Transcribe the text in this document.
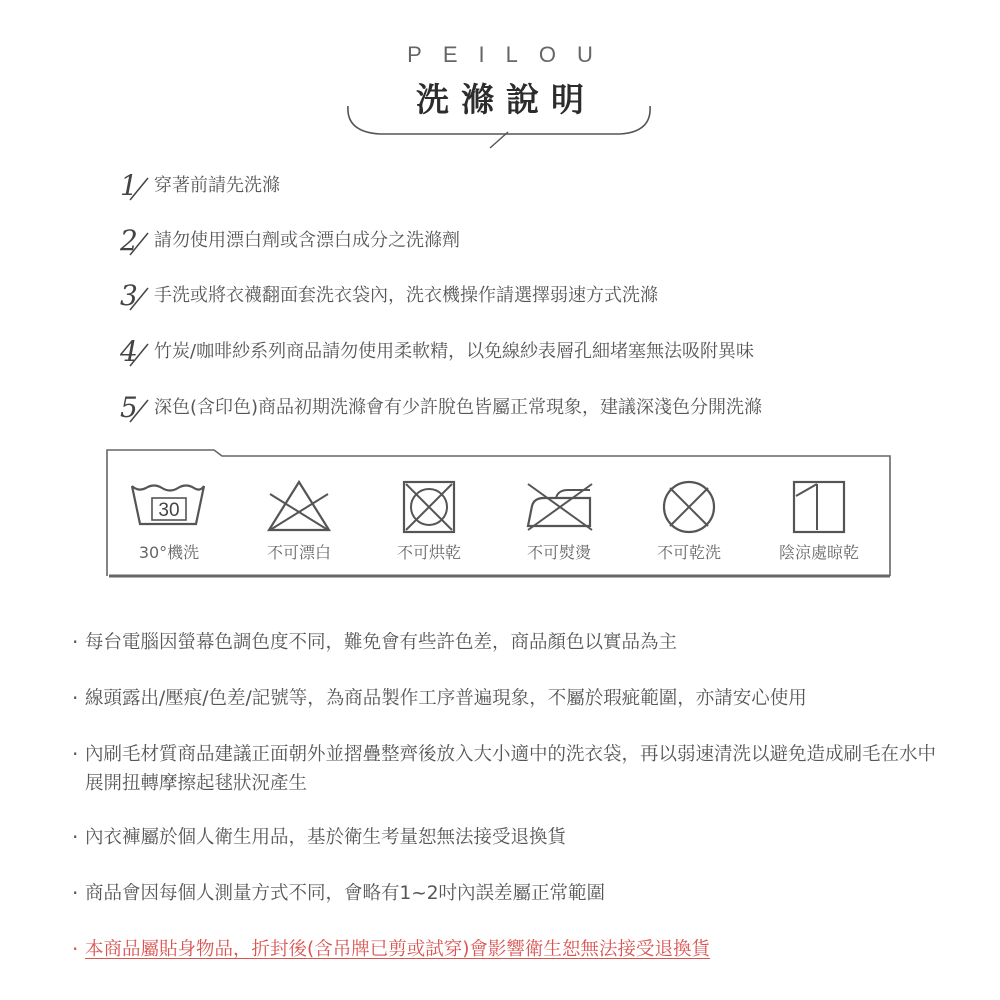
PEILOU
洗滌說明
1 穿著前請先洗滌
2 請勿使用漂白劑或含漂白成分之洗滌劑
3 手洗或將衣襪翻面套洗衣袋內，洗衣機操作請選擇弱速方式洗滌
4 竹炭/咖啡紗系列商品請勿使用柔軟精，以免線紗表層孔細堵塞無法吸附異味
5 深色(含印色)商品初期洗滌會有少許脫色皆屬正常現象，建議深淺色分開洗滌
30
30°機洗	不可漂白	不可烘乾	不可熨燙	不可乾洗	陰涼處晾乾
· 每台電腦因螢幕色調色度不同，難免會有些許色差，商品顏色以實品為主
· 線頭露出/壓痕/色差/記號等，為商品製作工序普遍現象，不屬於瑕疵範圍，亦請安心使用
· 內刷毛材質商品建議正面朝外並摺疊整齊後放入大小適中的洗衣袋，再以弱速清洗以避免造成刷毛在水中展開扭轉摩擦起毬狀況產生
· 內衣褲屬於個人衛生用品，基於衛生考量恕無法接受退換貨
· 商品會因每個人測量方式不同，會略有1~2吋內誤差屬正常範圍
· 本商品屬貼身物品，折封後(含吊牌已剪或試穿)會影響衛生恕無法接受退換貨
